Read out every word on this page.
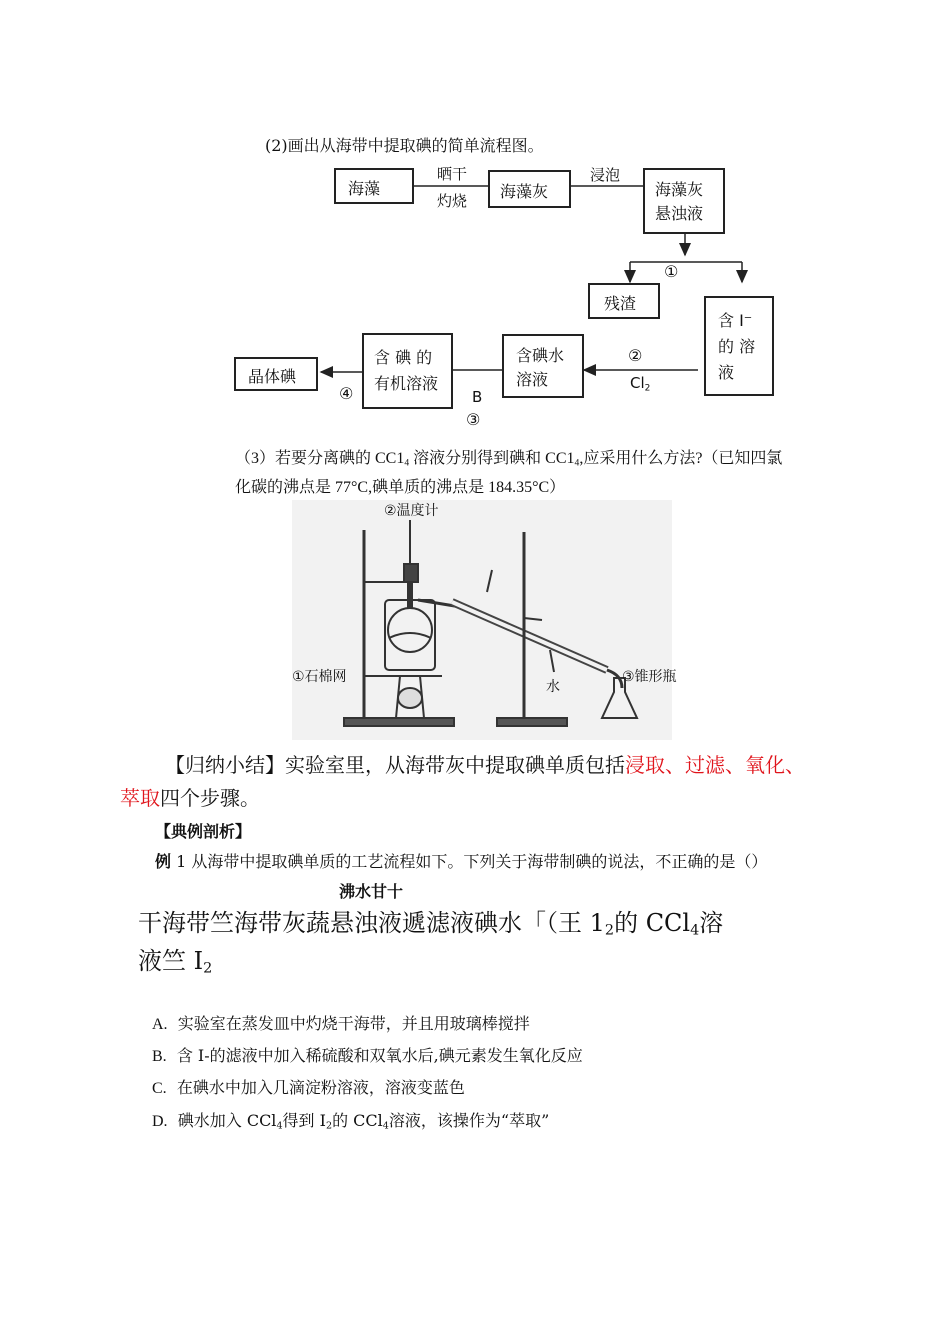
(2)画出从海带中提取碘的简单流程图。
海藻	海藻灰	海藻灰
悬浊液
残渣
含 I⁻
的 溶
液
含碘水
溶液
含 碘 的
有机溶液
晶体碘
晒干
灼烧
浸泡
①
②
$Cl_2$
B
③
④
（3）若要分离碘的 $CC1_4$ 溶液分别得到碘和 $CC1_4$,应采用什么方法?（已知四氯
化碳的沸点是 77°C,碘单质的沸点是 184.35°C）
②温度计
①石棉网
水
③锥形瓶
【归纳小结】实验室里，从海带灰中提取碘单质包括浸取、过滤、氧化、
萃取四个步骤。
【典例剖析】
例 1 从海带中提取碘单质的工艺流程如下。下列关于海带制碘的说法，不正确的是（）
沸水甘十
干海带竺海带灰蔬悬浊液遞滤液碘水「（王 $1_2$的 CCl$_4$溶
液竺 $I_2$
A. 实验室在蒸发皿中灼烧干海带，并且用玻璃棒搅拌
B. 含 I-的滤液中加入稀硫酸和双氧水后,碘元素发生氧化反应
C. 在碘水中加入几滴淀粉溶液，溶液变蓝色
D. 碘水加入 CCl$_4$得到 $I_2$的 CCl$_4$溶液，该操作为“萃取”
